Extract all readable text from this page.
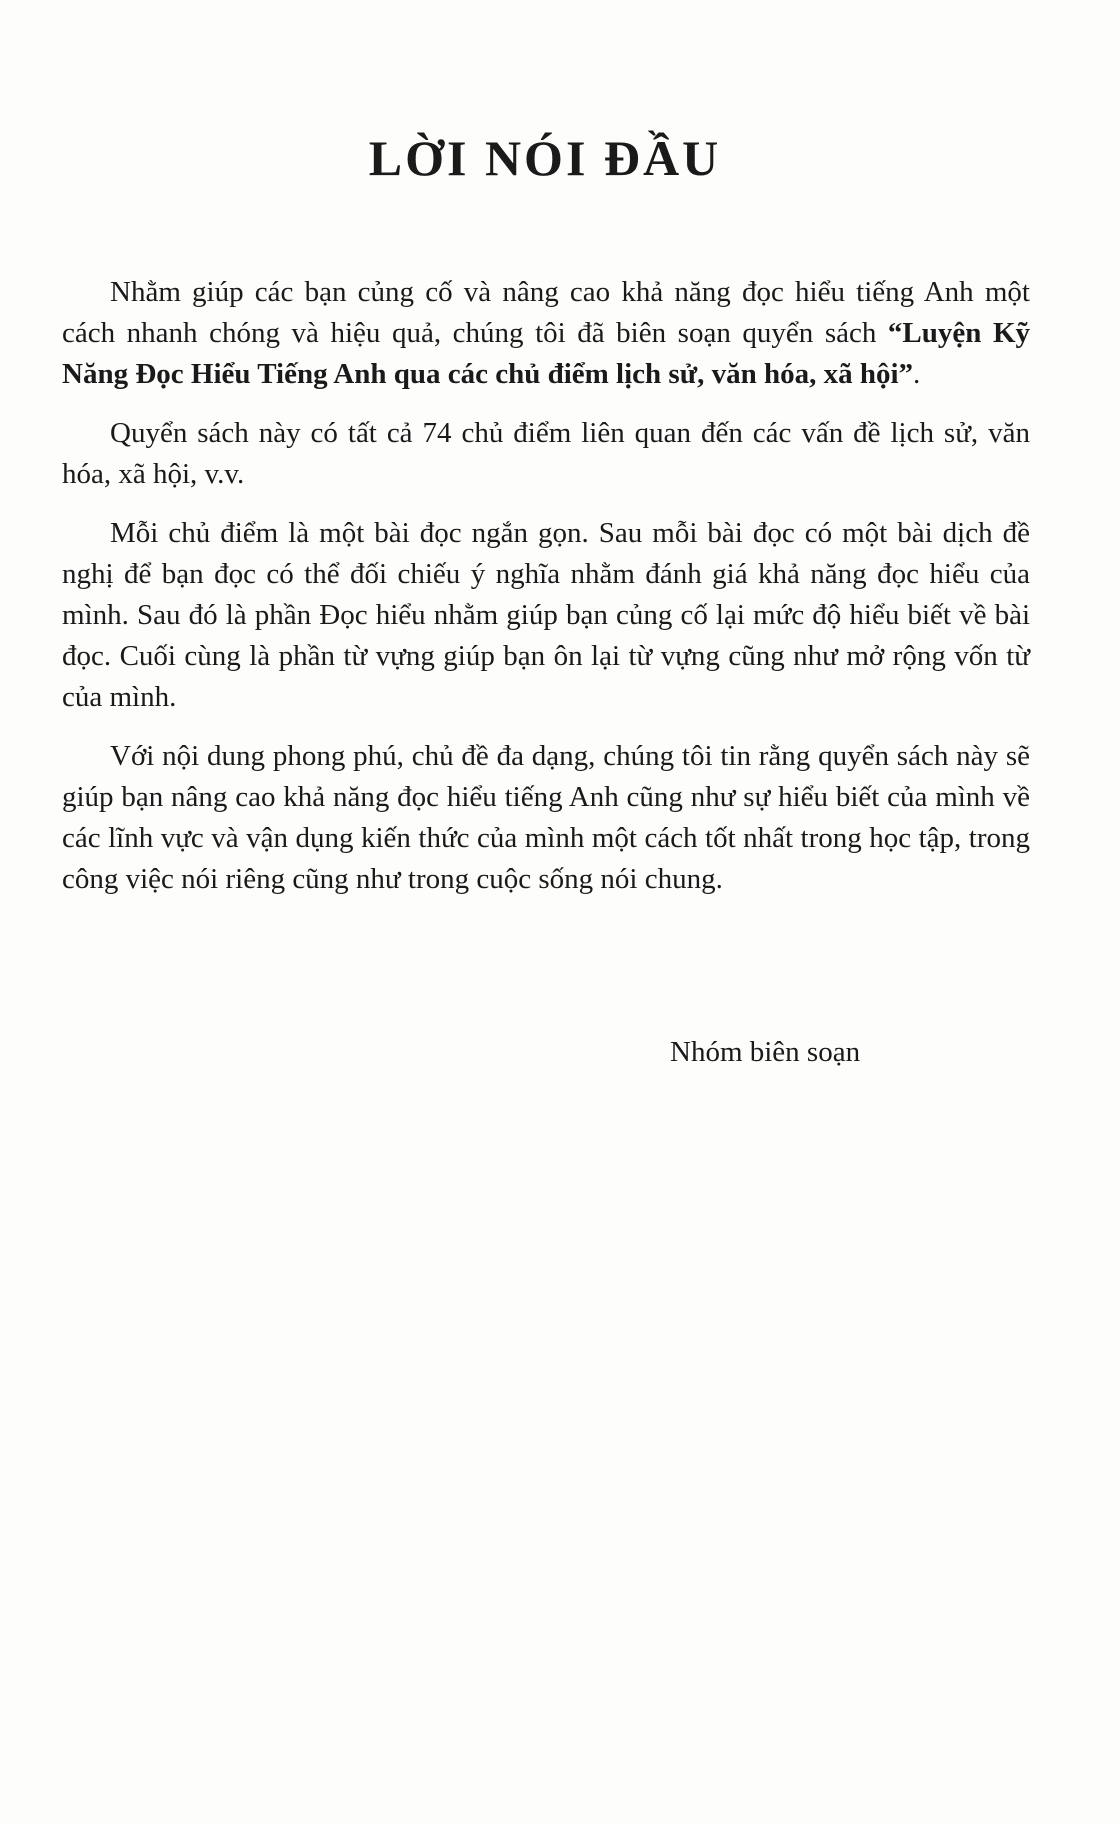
LỜI NÓI ĐẦU

Nhằm giúp các bạn củng cố và nâng cao khả năng đọc hiểu tiếng Anh một cách nhanh chóng và hiệu quả, chúng tôi đã biên soạn quyển sách “Luyện Kỹ Năng Đọc Hiểu Tiếng Anh qua các chủ điểm lịch sử, văn hóa, xã hội”.

Quyển sách này có tất cả 74 chủ điểm liên quan đến các vấn đề lịch sử, văn hóa, xã hội, v.v.

Mỗi chủ điểm là một bài đọc ngắn gọn. Sau mỗi bài đọc có một bài dịch đề nghị để bạn đọc có thể đối chiếu ý nghĩa nhằm đánh giá khả năng đọc hiểu của mình. Sau đó là phần Đọc hiểu nhằm giúp bạn củng cố lại mức độ hiểu biết về bài đọc. Cuối cùng là phần từ vựng giúp bạn ôn lại từ vựng cũng như mở rộng vốn từ của mình.

Với nội dung phong phú, chủ đề đa dạng, chúng tôi tin rằng quyển sách này sẽ giúp bạn nâng cao khả năng đọc hiểu tiếng Anh cũng như sự hiểu biết của mình về các lĩnh vực và vận dụng kiến thức của mình một cách tốt nhất trong học tập, trong công việc nói riêng cũng như trong cuộc sống nói chung.

Nhóm biên soạn
